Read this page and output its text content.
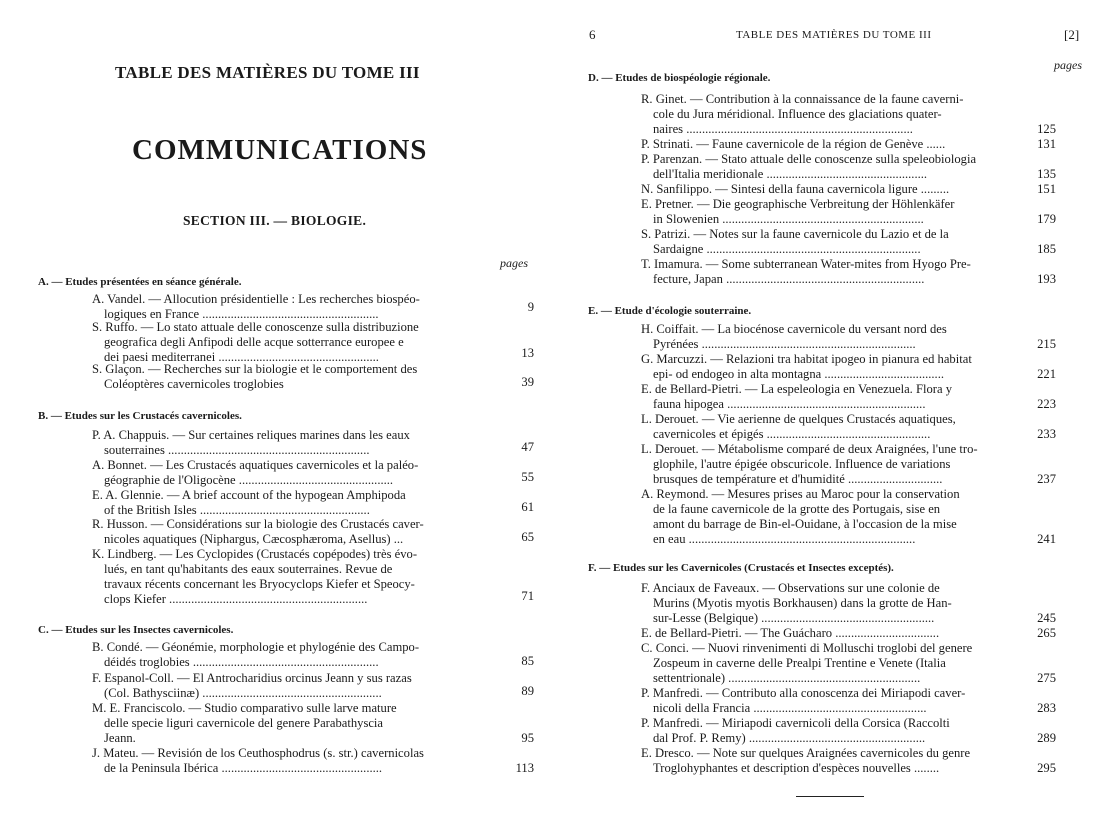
TABLE DES MATIÈRES DU TOME III
COMMUNICATIONS
SECTION III. — BIOLOGIE.
pages
A. — Etudes présentées en séance générale.
A. Vandel. — Allocution présidentielle : Les recherches biospéo-
logiques en France ........................................................	9
S. Ruffo. — Lo stato attuale delle conoscenze sulla distribuzione
geografica degli Anfipodi delle acque sotterrance europee e
dei paesi mediterranei ...................................................	13
S. Glaçon. — Recherches sur la biologie et le comportement des
Coléoptères cavernicoles troglobies	39
B. — Etudes sur les Crustacés cavernicoles.
P. A. Chappuis. — Sur certaines reliques marines dans les eaux
souterraines ................................................................	47
A. Bonnet. — Les Crustacés aquatiques cavernicoles et la paléo-
géographie de l'Oligocène .................................................	55
E. A. Glennie. — A brief account of the hypogean Amphipoda
of the British Isles ......................................................	61
R. Husson. — Considérations sur la biologie des Crustacés caver-
nicoles aquatiques (Niphargus, Cæcosphæroma, Asellus) ...	65
K. Lindberg. — Les Cyclopides (Crustacés copépodes) très évo-
lués, en tant qu'habitants des eaux souterraines. Revue de
travaux récents concernant les Bryocyclops Kiefer et Speocy-
clops Kiefer ...............................................................	71
C. — Etudes sur les Insectes cavernicoles.
B. Condé. — Géonémie, morphologie et phylogénie des Campo-
déidés troglobies ...........................................................	85
F. Espanol-Coll. — El Antrocharidius orcinus Jeann y sus razas
(Col. Bathysciinæ) .........................................................	89
M. E. Franciscolo. — Studio comparativo sulle larve mature
delle specie liguri cavernicole del genere Parabathyscia
Jeann.	95
J. Mateu. — Revisión de los Ceuthosphodrus (s. str.) cavernicolas
de la Peninsula Ibérica ...................................................	113
6	TABLE DES MATIÈRES DU TOME III	[2]
pages
D. — Etudes de biospéologie régionale.
R. Ginet. — Contribution à la connaissance de la faune caverni-
cole du Jura méridional. Influence des glaciations quater-
naires ........................................................................	125
P. Strinati. — Faune cavernicole de la région de Genève ......	131
P. Parenzan. — Stato attuale delle conoscenze sulla speleobiologia
dell'Italia meridionale ...................................................	135
N. Sanfilippo. — Sintesi della fauna cavernicola ligure .........	151
E. Pretner. — Die geographische Verbreitung der Höhlenkäfer
in Slowenien ................................................................	179
S. Patrizi. — Notes sur la faune cavernicole du Lazio et de la
Sardaigne ....................................................................	185
T. Imamura. — Some subterranean Water-mites from Hyogo Pre-
fecture, Japan ...............................................................	193
E. — Etude d'écologie souterraine.
H. Coiffait. — La biocénose cavernicole du versant nord des
Pyrénées ....................................................................	215
G. Marcuzzi. — Relazioni tra habitat ipogeo in pianura ed habitat
epi- od endogeo in alta montagna ......................................	221
E. de Bellard-Pietri. — La espeleologia en Venezuela. Flora y
fauna hipogea ...............................................................	223
L. Derouet. — Vie aerienne de quelques Crustacés aquatiques,
cavernicoles et épigés ....................................................	233
L. Derouet. — Métabolisme comparé de deux Araignées, l'une tro-
glophile, l'autre épigée obscuricole. Influence de variations
brusques de température et d'humidité ..............................	237
A. Reymond. — Mesures prises au Maroc pour la conservation
de la faune cavernicole de la grotte des Portugais, sise en
amont du barrage de Bin-el-Ouidane, à l'occasion de la mise
en eau ........................................................................	241
F. — Etudes sur les Cavernicoles (Crustacés et Insectes exceptés).
F. Anciaux de Faveaux. — Observations sur une colonie de
Murins (Myotis myotis Borkhausen) dans la grotte de Han-
sur-Lesse (Belgique) .......................................................	245
E. de Bellard-Pietri. — The Guácharo .................................	265
C. Conci. — Nuovi rinvenimenti di Molluschi troglobi del genere
Zospeum in caverne delle Prealpi Trentine e Venete (Italia
settentrionale) .............................................................	275
P. Manfredi. — Contributo alla conoscenza dei Miriapodi caver-
nicoli della Francia .......................................................	283
P. Manfredi. — Miriapodi cavernicoli della Corsica (Raccolti
dal Prof. P. Remy) ........................................................	289
E. Dresco. — Note sur quelques Araignées cavernicoles du genre
Troglohyphantes et description d'espèces nouvelles ........	295
